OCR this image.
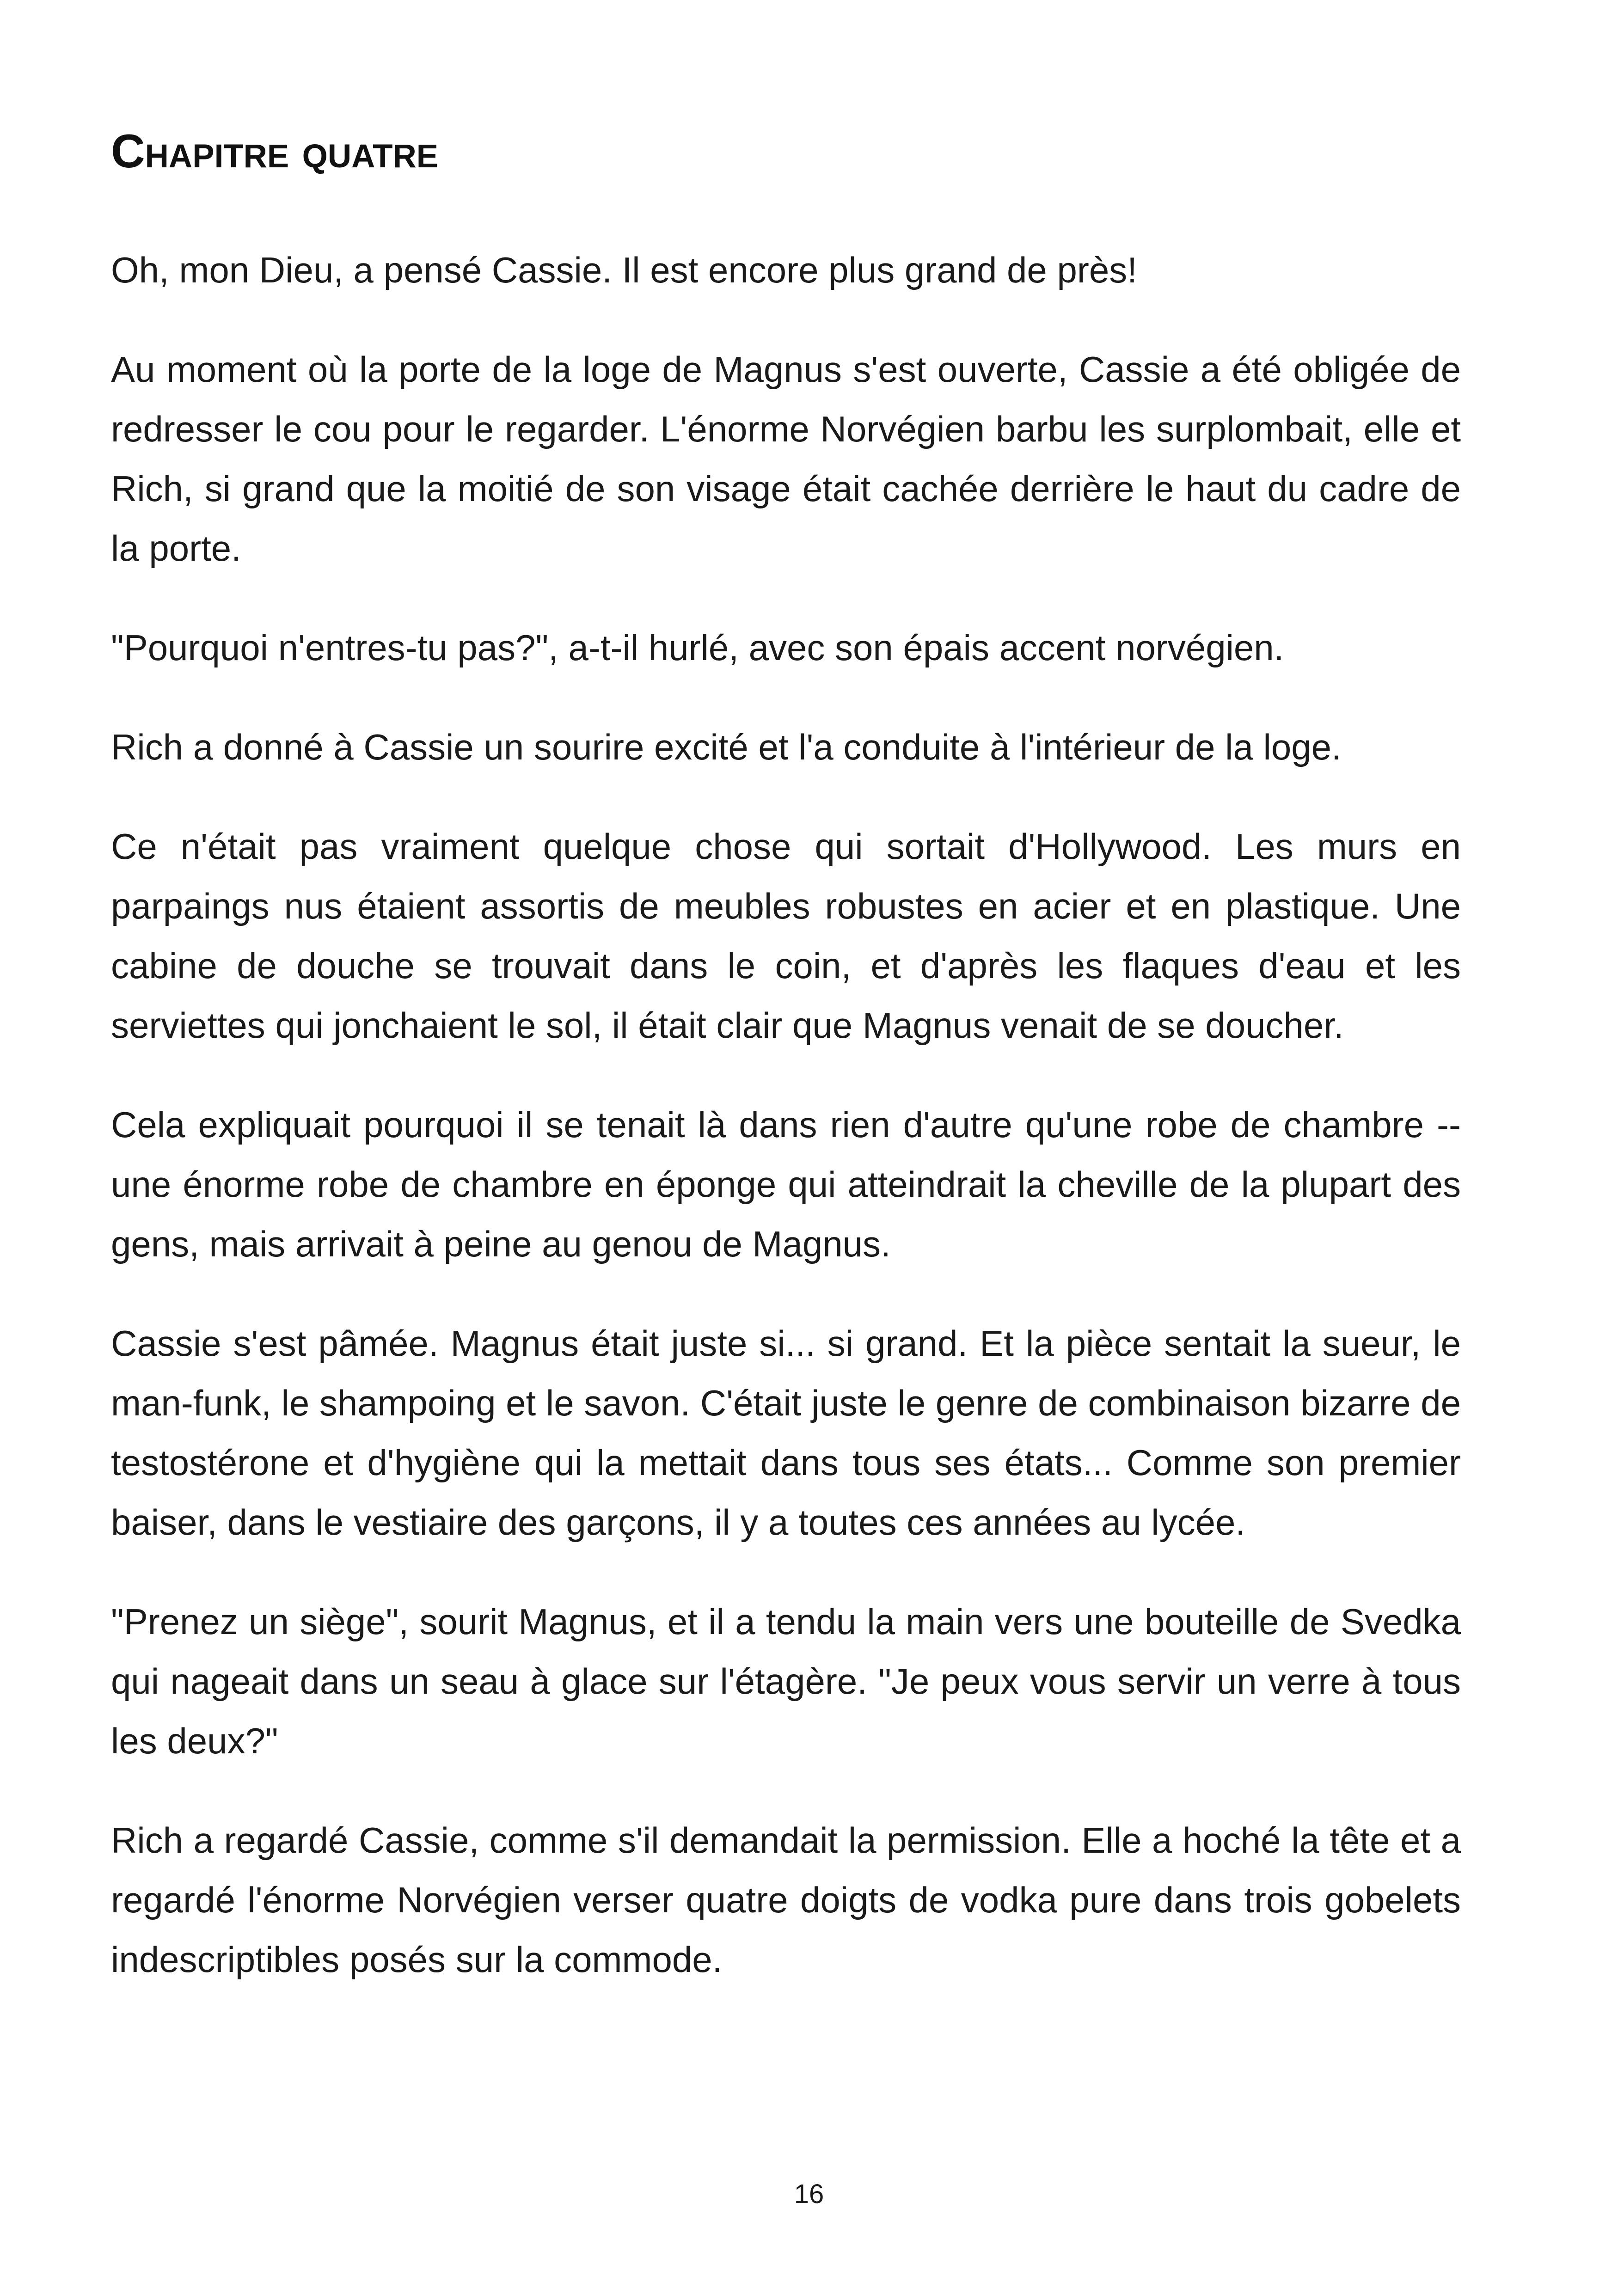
Chapitre quatre

Oh, mon Dieu, a pensé Cassie. Il est encore plus grand de près!

Au moment où la porte de la loge de Magnus s'est ouverte, Cassie a été obligée de redresser le cou pour le regarder. L'énorme Norvégien barbu les surplombait, elle et Rich, si grand que la moitié de son visage était cachée derrière le haut du cadre de la porte.

"Pourquoi n'entres-tu pas?", a-t-il hurlé, avec son épais accent norvégien.

Rich a donné à Cassie un sourire excité et l'a conduite à l'intérieur de la loge.

Ce n'était pas vraiment quelque chose qui sortait d'Hollywood. Les murs en parpaings nus étaient assortis de meubles robustes en acier et en plastique. Une cabine de douche se trouvait dans le coin, et d'après les flaques d'eau et les serviettes qui jonchaient le sol, il était clair que Magnus venait de se doucher.

Cela expliquait pourquoi il se tenait là dans rien d'autre qu'une robe de chambre -- une énorme robe de chambre en éponge qui atteindrait la cheville de la plupart des gens, mais arrivait à peine au genou de Magnus.

Cassie s'est pâmée. Magnus était juste si... si grand. Et la pièce sentait la sueur, le man-funk, le shampoing et le savon. C'était juste le genre de combinaison bizarre de testostérone et d'hygiène qui la mettait dans tous ses états... Comme son premier baiser, dans le vestiaire des garçons, il y a toutes ces années au lycée.

"Prenez un siège", sourit Magnus, et il a tendu la main vers une bouteille de Svedka qui nageait dans un seau à glace sur l'étagère. "Je peux vous servir un verre à tous les deux?"

Rich a regardé Cassie, comme s'il demandait la permission. Elle a hoché la tête et a regardé l'énorme Norvégien verser quatre doigts de vodka pure dans trois gobelets indescriptibles posés sur la commode.

16
